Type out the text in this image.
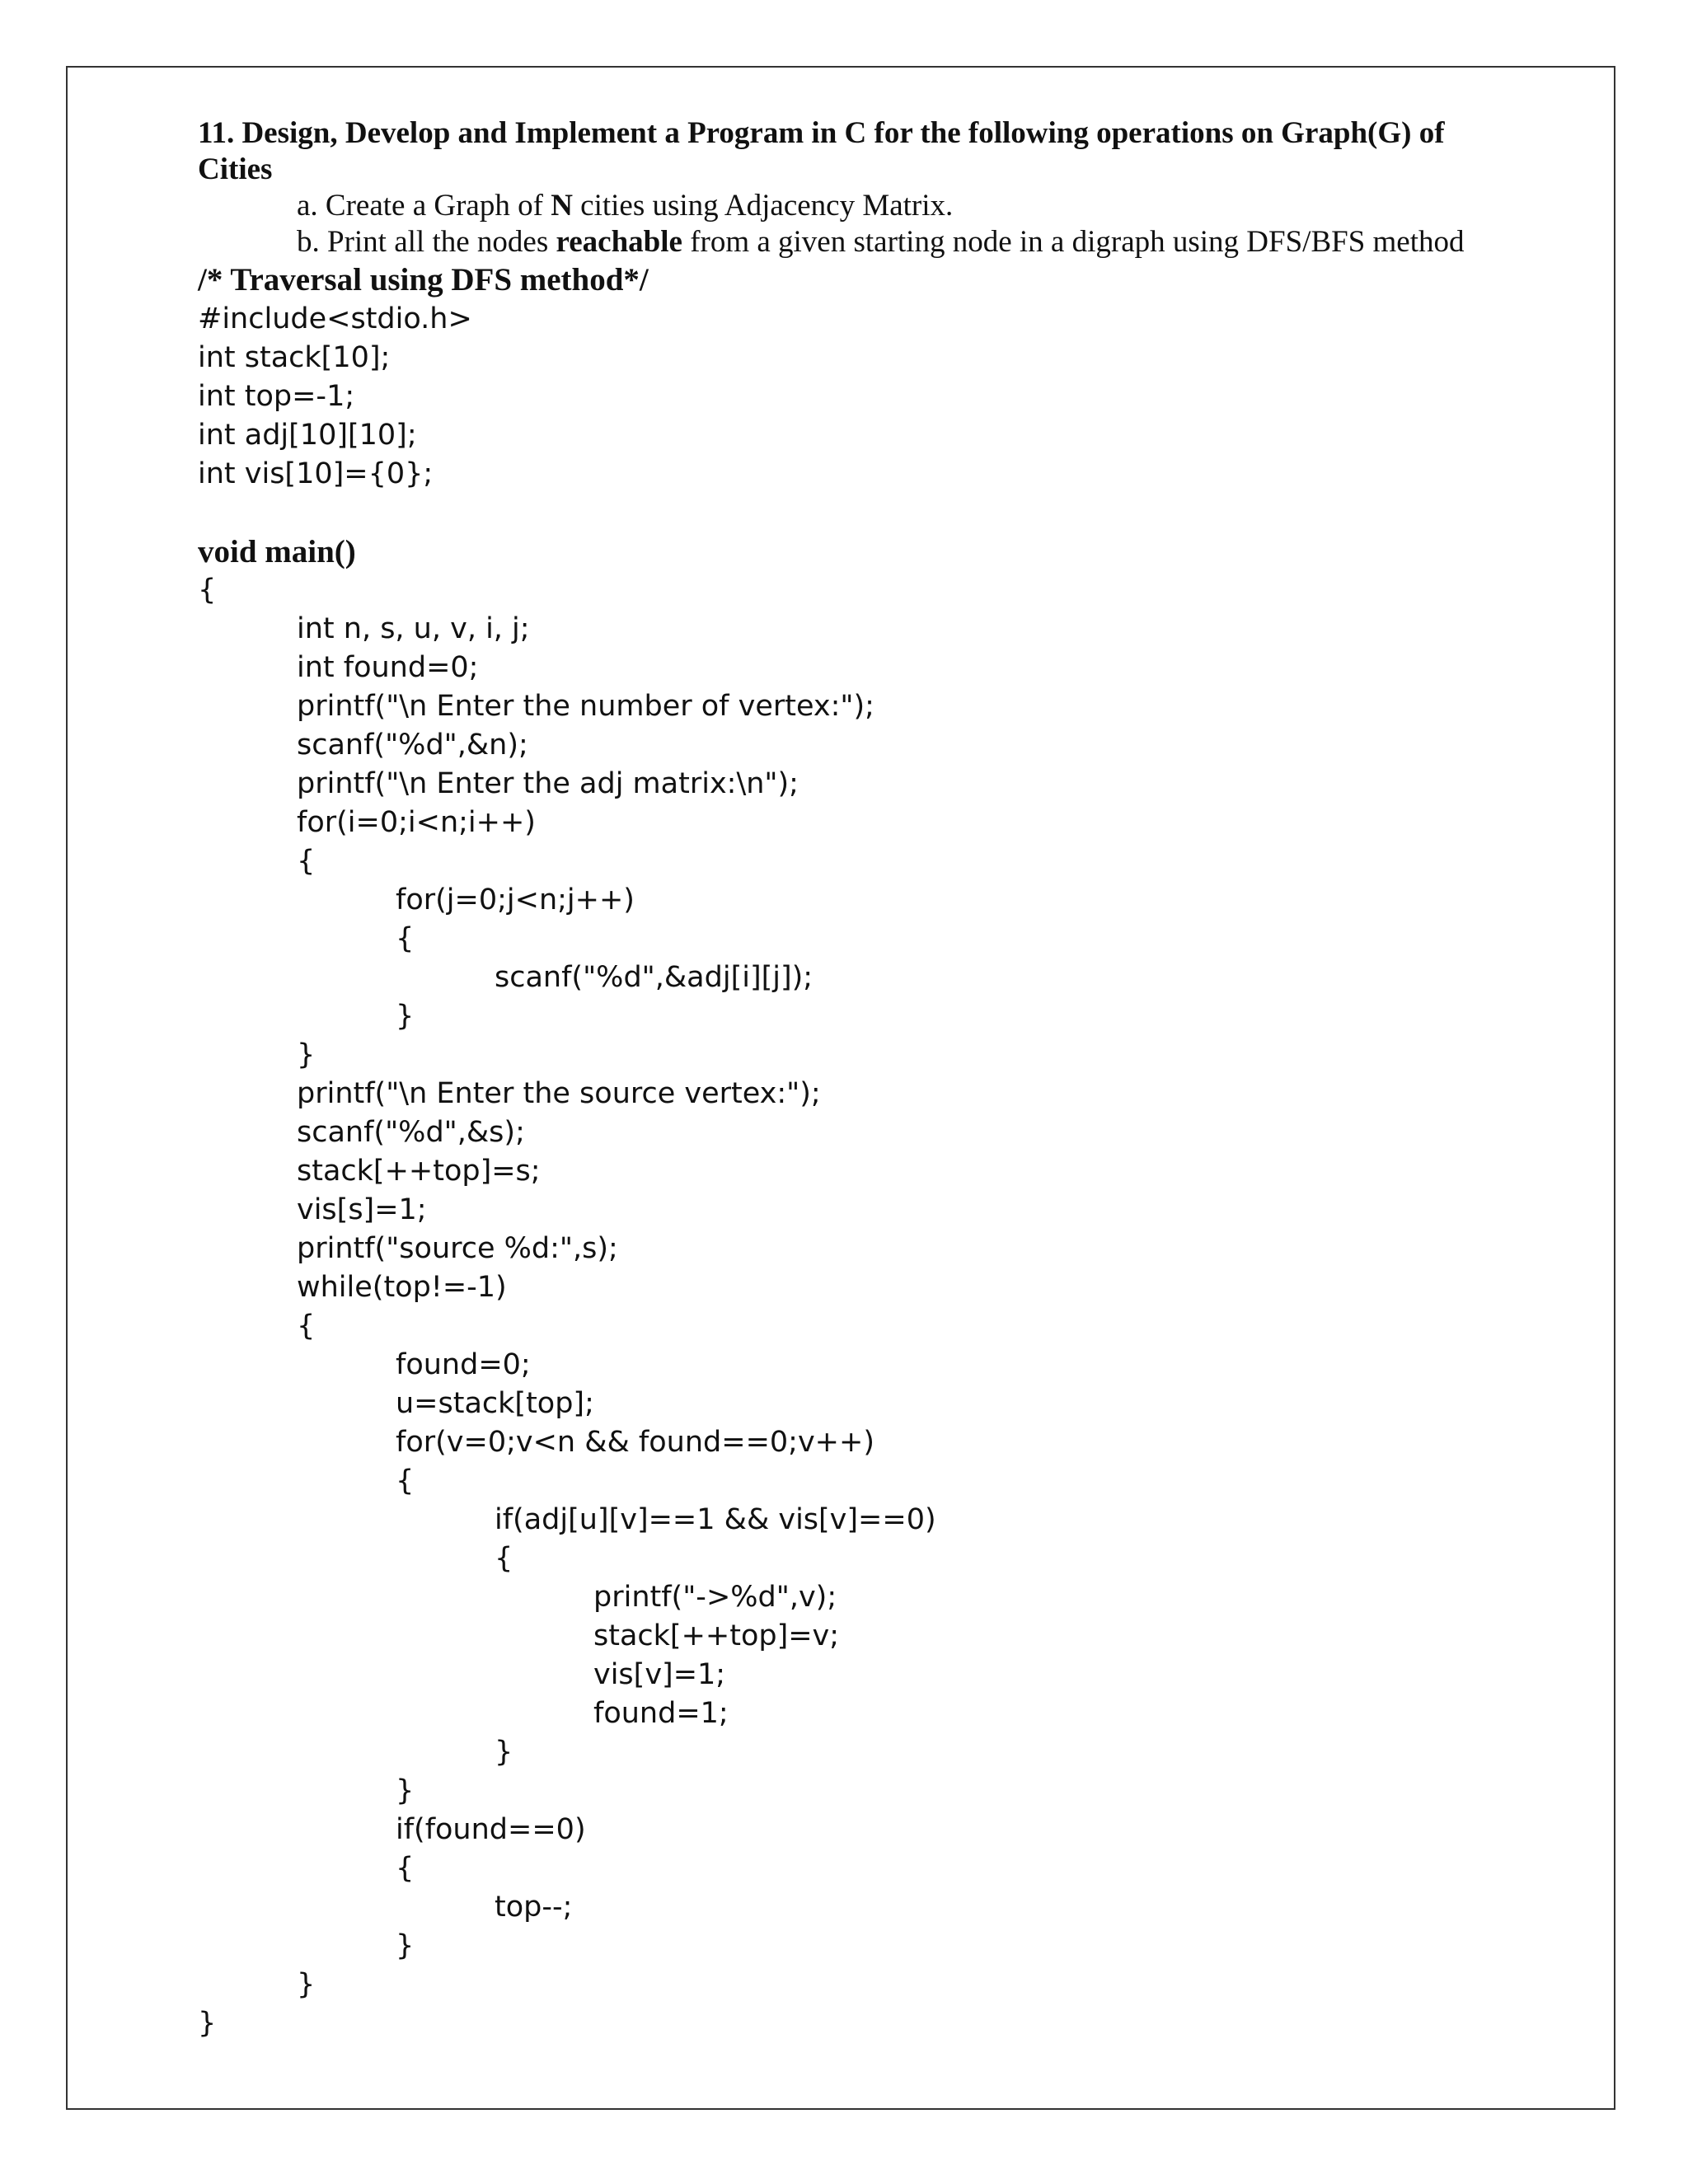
11. Design, Develop and Implement a Program in C for the following operations on Graph(G) of
Cities
a. Create a Graph of N cities using Adjacency Matrix.
b. Print all the nodes reachable from a given starting node in a digraph using DFS/BFS method
/* Traversal using DFS method*/
#include<stdio.h>
int stack[10];
int top=-1;
int adj[10][10];
int vis[10]={0};
void main()
{
int n, s, u, v, i, j;
int found=0;
printf("\n Enter the number of vertex:");
scanf("%d",&n);
printf("\n Enter the adj matrix:\n");
for(i=0;i<n;i++)
{
for(j=0;j<n;j++)
{
scanf("%d",&adj[i][j]);
}
}
printf("\n Enter the source vertex:");
scanf("%d",&s);
stack[++top]=s;
vis[s]=1;
printf("source %d:",s);
while(top!=-1)
{
found=0;
u=stack[top];
for(v=0;v<n && found==0;v++)
{
if(adj[u][v]==1 && vis[v]==0)
{
printf("->%d",v);
stack[++top]=v;
vis[v]=1;
found=1;
}
}
if(found==0)
{
top--;
}
}
}
